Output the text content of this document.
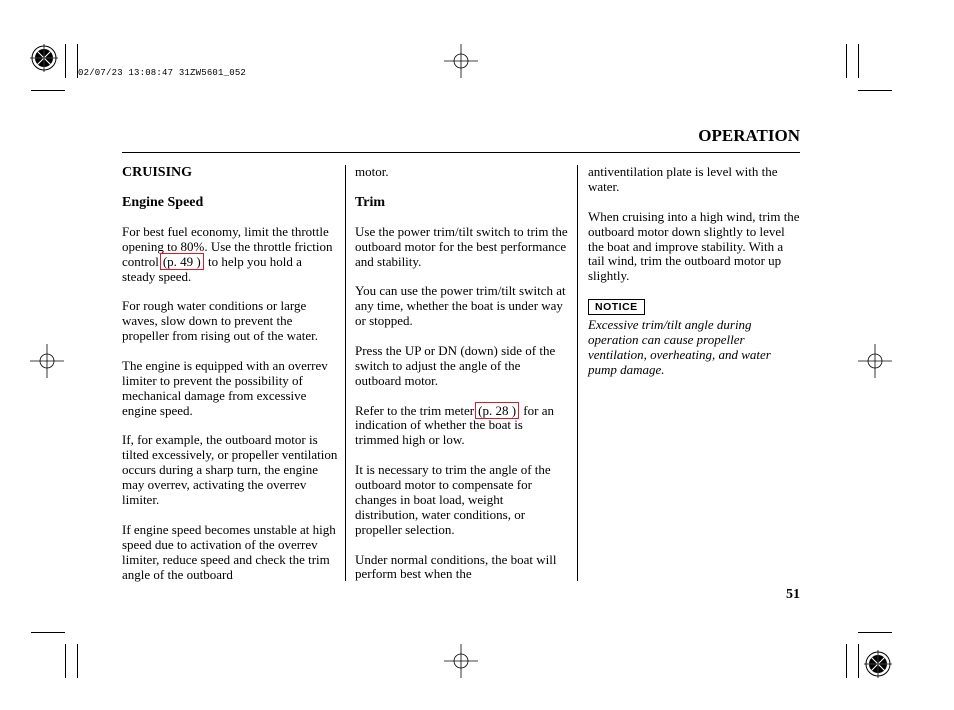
02/07/23 13:08:47 31ZW5601_052
OPERATION
CRUISING
Engine Speed

For best fuel economy, limit the throttle opening to 80%. Use the throttle friction control (p. 49 ) to help you hold a steady speed.

For rough water conditions or large waves, slow down to prevent the propeller from rising out of the water.

The engine is equipped with an overrev limiter to prevent the possibility of mechanical damage from excessive engine speed.

If, for example, the outboard motor is tilted excessively, or propeller ventilation occurs during a sharp turn, the engine may overrev, activating the overrev limiter.

If engine speed becomes unstable at high speed due to activation of the overrev limiter, reduce speed and check the trim angle of the outboard

motor.

Trim

Use the power trim/tilt switch to trim the outboard motor for the best performance and stability.

You can use the power trim/tilt switch at any time, whether the boat is under way or stopped.

Press the UP or DN (down) side of the switch to adjust the angle of the outboard motor.

Refer to the trim meter (p. 28 ) for an indication of whether the boat is trimmed high or low.

It is necessary to trim the angle of the outboard motor to compensate for changes in boat load, weight distribution, water conditions, or propeller selection.

Under normal conditions, the boat will perform best when the

antiventilation plate is level with the water.

When cruising into a high wind, trim the outboard motor down slightly to level the boat and improve stability. With a tail wind, trim the outboard motor up slightly.

NOTICE
Excessive trim/tilt angle during operation can cause propeller ventilation, overheating, and water pump damage.
51
